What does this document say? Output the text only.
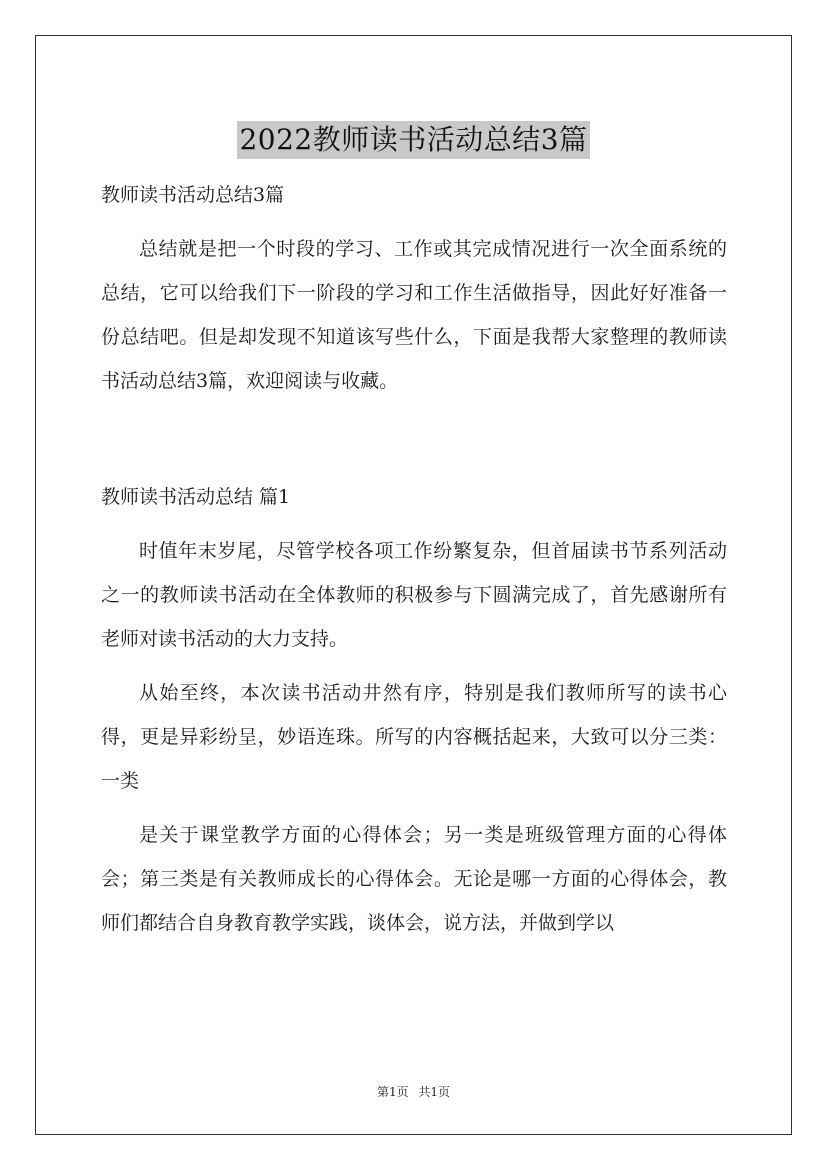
2022教师读书活动总结3篇

教师读书活动总结3篇

总结就是把一个时段的学习、工作或其完成情况进行一次全面系统的总结，它可以给我们下一阶段的学习和工作生活做指导，因此好好准备一份总结吧。但是却发现不知道该写些什么，下面是我帮大家整理的教师读书活动总结3篇，欢迎阅读与收藏。

教师读书活动总结 篇1

时值年末岁尾，尽管学校各项工作纷繁复杂，但首届读书节系列活动之一的教师读书活动在全体教师的积极参与下圆满完成了，首先感谢所有老师对读书活动的大力支持。

从始至终，本次读书活动井然有序，特别是我们教师所写的读书心得，更是异彩纷呈，妙语连珠。所写的内容概括起来，大致可以分三类：一类

是关于课堂教学方面的心得体会；另一类是班级管理方面的心得体会；第三类是有关教师成长的心得体会。无论是哪一方面的心得体会，教师们都结合自身教育教学实践，谈体会，说方法，并做到学以

第1页 共1页
